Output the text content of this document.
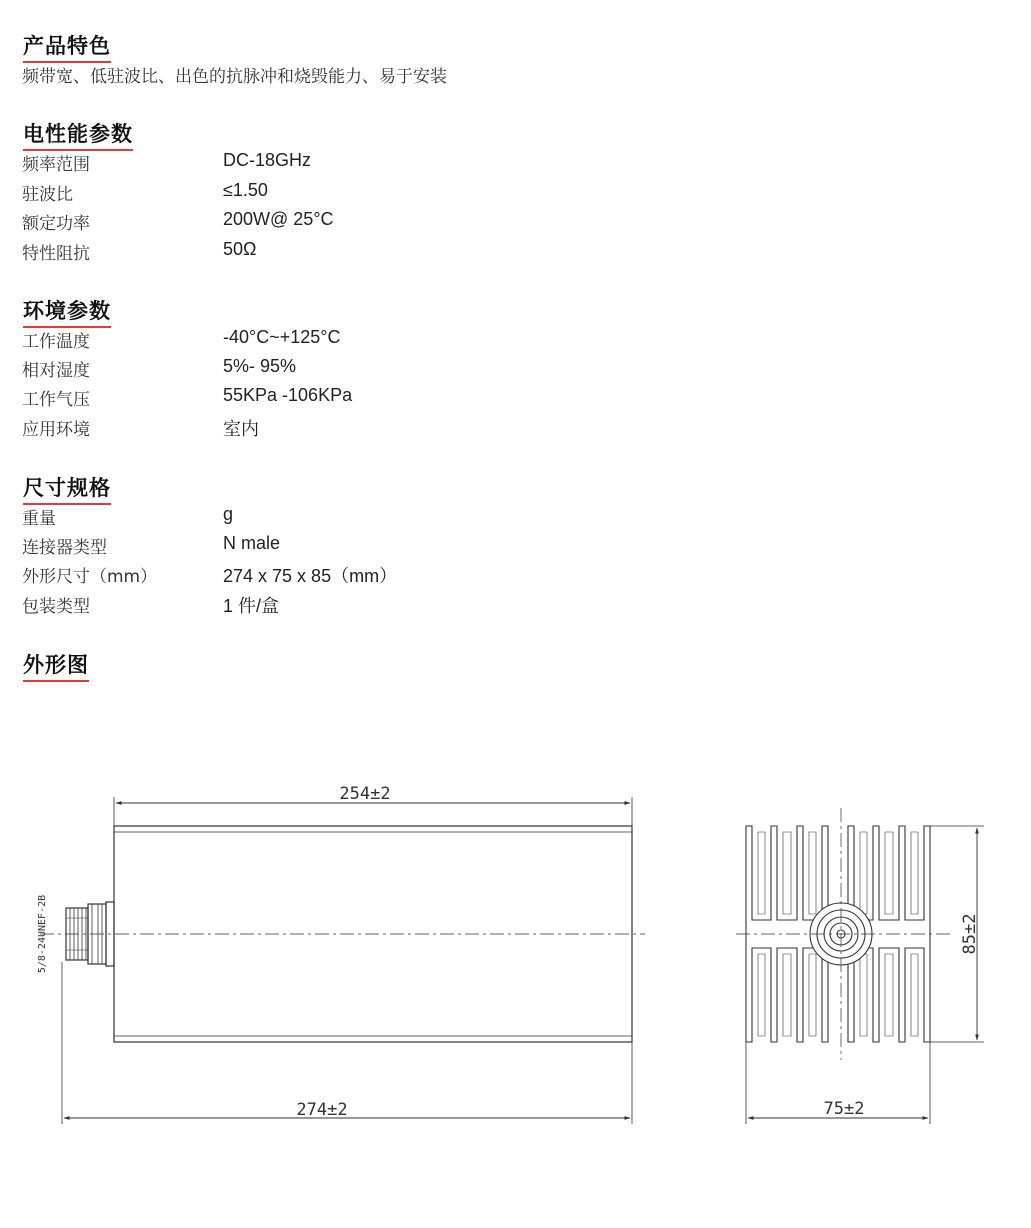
产品特色
频带宽、低驻波比、出色的抗脉冲和烧毁能力、易于安装
电性能参数
频率范围	DC-18GHz
驻波比	≤1.50
额定功率	200W@ 25°C
特性阻抗	50Ω
环境参数
工作温度	-40°C~+125°C
相对湿度	5%- 95%
工作气压	55KPa -106KPa
应用环境	室内
尺寸规格
重量	g
连接器类型	N male
外形尺寸（mm）	274 x 75 x 85（mm）
包装类型	1 件/盒
外形图
254±2
274±2
5/8-24UNEF-2B
75±2
85±2
